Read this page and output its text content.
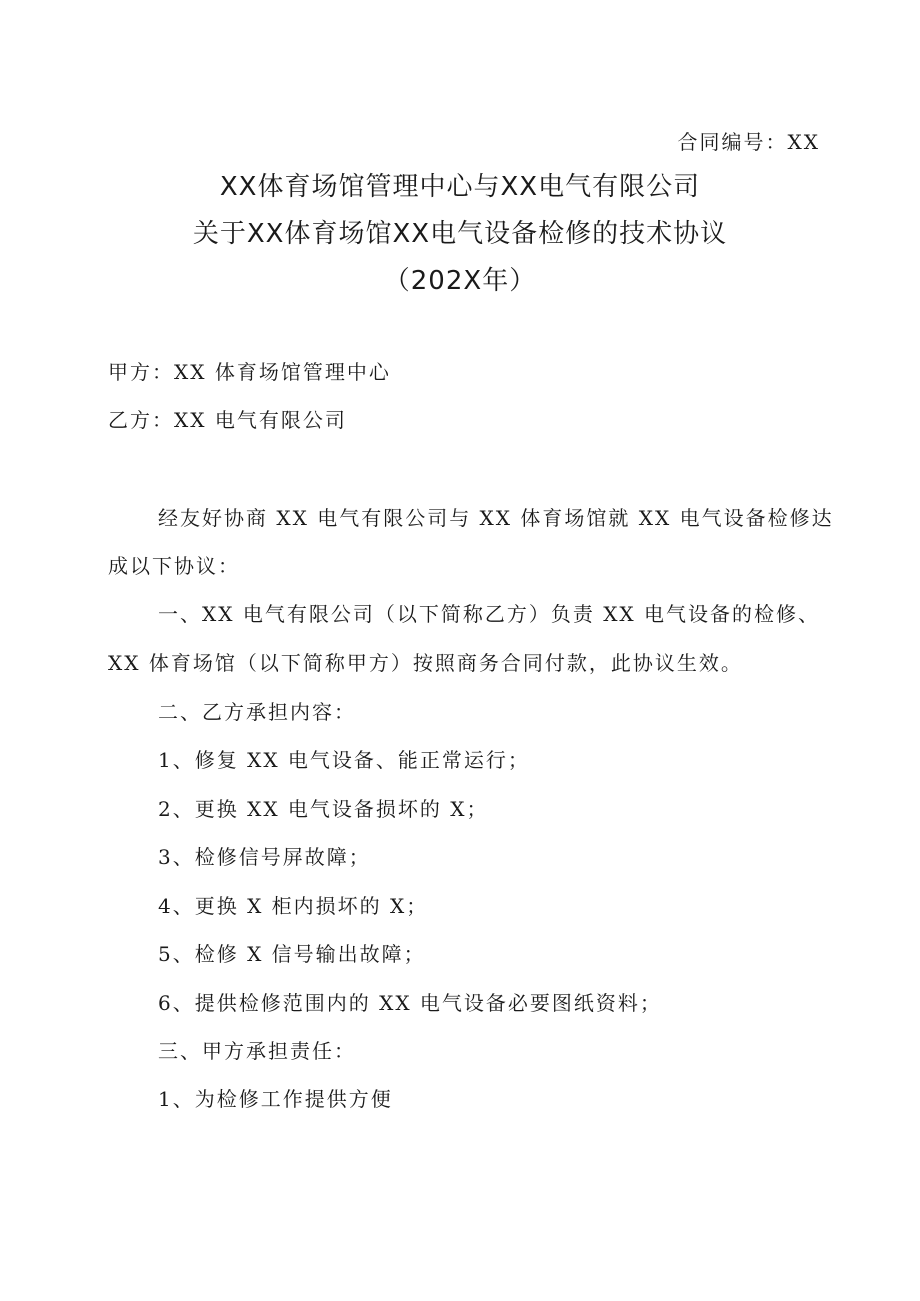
合同编号：XX
XX体育场馆管理中心与XX电气有限公司
关于XX体育场馆XX电气设备检修的技术协议
（202X年）
甲方：XX 体育场馆管理中心
乙方：XX 电气有限公司
经友好协商 XX 电气有限公司与 XX 体育场馆就 XX 电气设备检修达
成以下协议：
一、XX 电气有限公司（以下简称乙方）负责 XX 电气设备的检修、
XX 体育场馆（以下简称甲方）按照商务合同付款，此协议生效。
二、乙方承担内容：
1、修复 XX 电气设备、能正常运行；
2、更换 XX 电气设备损坏的 X；
3、检修信号屏故障；
4、更换 X 柜内损坏的 X；
5、检修 X 信号输出故障；
6、提供检修范围内的 XX 电气设备必要图纸资料；
三、甲方承担责任：
1、为检修工作提供方便
